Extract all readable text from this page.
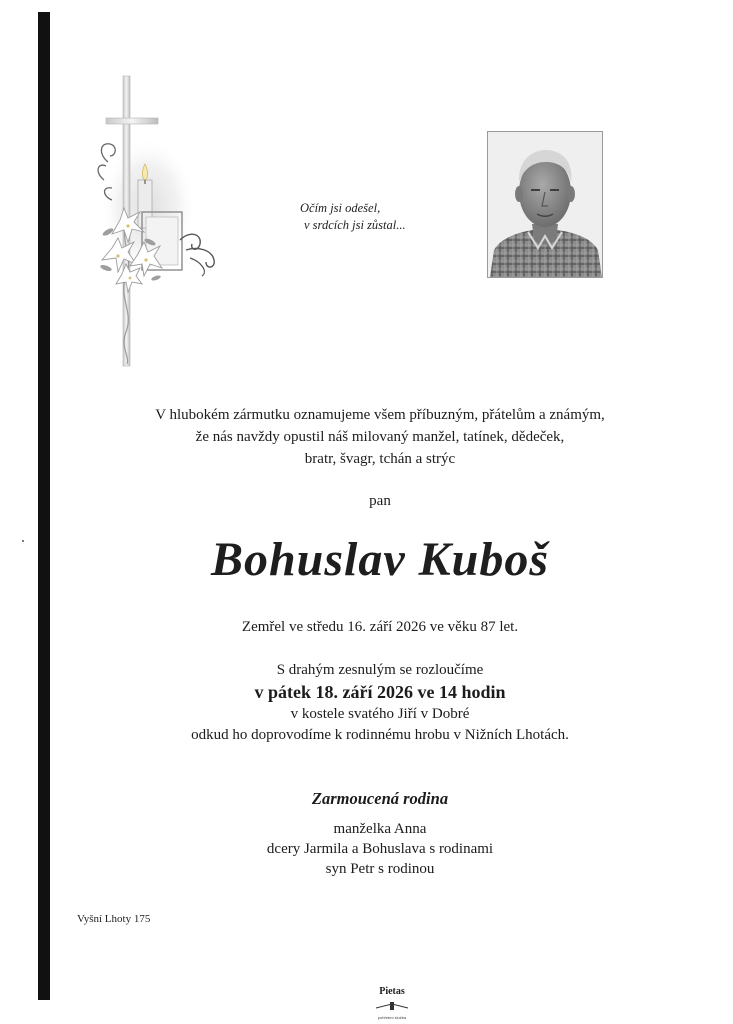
Očím jsi odešel,
v srdcích jsi zůstal...
V hlubokém zármutku oznamujeme všem příbuzným, přátelům a známým,
že nás navždy opustil náš milovaný manžel, tatínek, dědeček,
bratr, švagr, tchán a strýc
pan
Bohuslav Kuboš
Zemřel ve středu 16. září 2026 ve věku 87 let.
S drahým zesnulým se rozloučíme
v pátek 18. září 2026 ve 14 hodin
v kostele svatého Jiří v Dobré
odkud ho doprovodíme k rodinnému hrobu v Nižních Lhotách.
Zarmoucená rodina
manželka Anna
dcery Jarmila a Bohuslava s rodinami
syn Petr s rodinou
Vyšní Lhoty 175
Pietas
pohřební služba
